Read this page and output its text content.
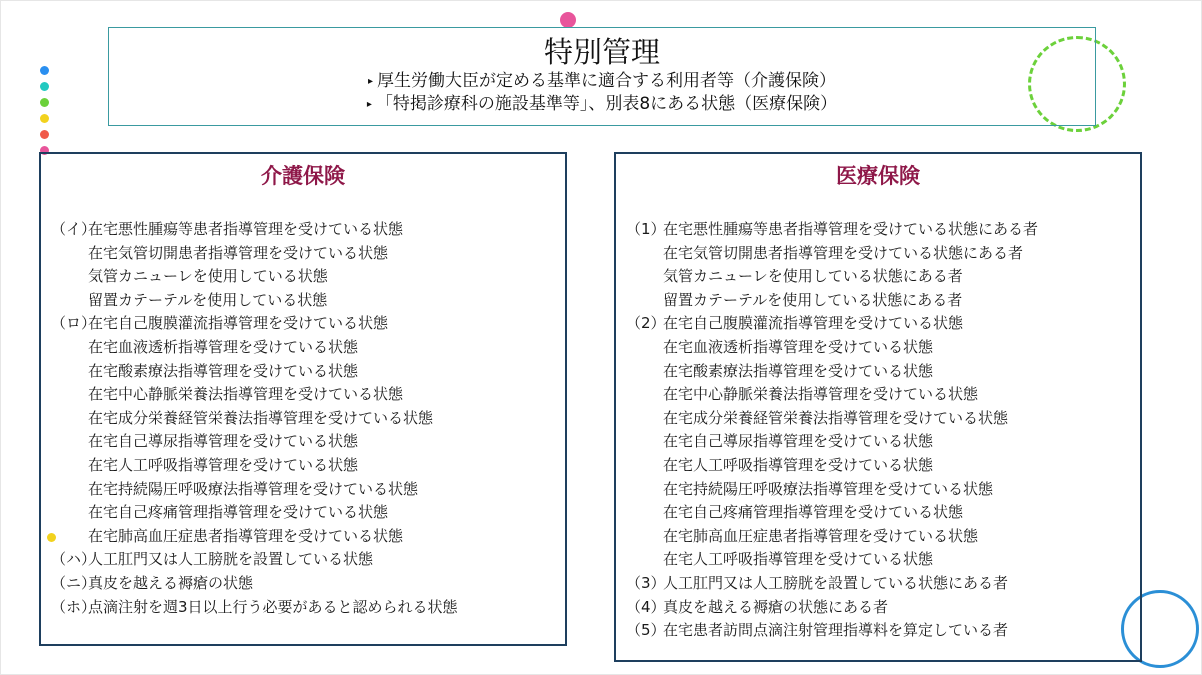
特別管理
▸ 厚生労働大臣が定める基準に適合する利用者等（介護保険）
▸ 「特掲診療科の施設基準等」、別表8にある状態（医療保険）
介護保険
（イ）
在宅悪性腫瘍等患者指導管理を受けている状態
在宅気管切開患者指導管理を受けている状態
気管カニューレを使用している状態
留置カテーテルを使用している状態
（ロ）
在宅自己腹膜灌流指導管理を受けている状態
在宅血液透析指導管理を受けている状態
在宅酸素療法指導管理を受けている状態
在宅中心静脈栄養法指導管理を受けている状態
在宅成分栄養経管栄養法指導管理を受けている状態
在宅自己導尿指導管理を受けている状態
在宅人工呼吸指導管理を受けている状態
在宅持続陽圧呼吸療法指導管理を受けている状態
在宅自己疼痛管理指導管理を受けている状態
在宅肺高血圧症患者指導管理を受けている状態
（ハ）
人工肛門又は人工膀胱を設置している状態
（ニ）
真皮を越える褥瘡の状態
（ホ）
点滴注射を週3日以上行う必要があると認められる状態
医療保険
（1）
在宅悪性腫瘍等患者指導管理を受けている状態にある者
在宅気管切開患者指導管理を受けている状態にある者
気管カニューレを使用している状態にある者
留置カテーテルを使用している状態にある者
（2）
在宅自己腹膜灌流指導管理を受けている状態
在宅血液透析指導管理を受けている状態
在宅酸素療法指導管理を受けている状態
在宅中心静脈栄養法指導管理を受けている状態
在宅成分栄養経管栄養法指導管理を受けている状態
在宅自己導尿指導管理を受けている状態
在宅人工呼吸指導管理を受けている状態
在宅持続陽圧呼吸療法指導管理を受けている状態
在宅自己疼痛管理指導管理を受けている状態
在宅肺高血圧症患者指導管理を受けている状態
在宅人工呼吸指導管理を受けている状態
（3）
人工肛門又は人工膀胱を設置している状態にある者
（4）
真皮を越える褥瘡の状態にある者
（5）
在宅患者訪問点滴注射管理指導料を算定している者
